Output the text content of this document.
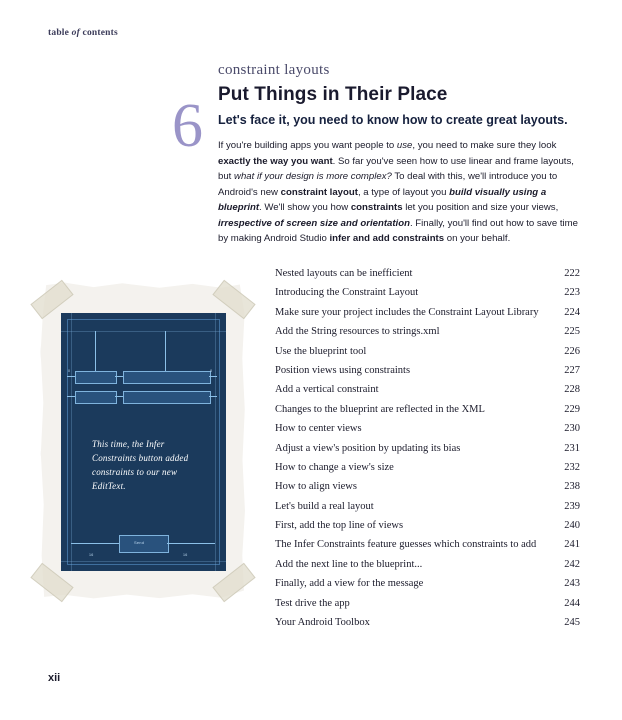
table of contents
6
constraint layouts
Put Things in Their Place
Let's face it, you need to know how to create great layouts.
If you're building apps you want people to use, you need to make sure they look exactly the way you want. So far you've seen how to use linear and frame layouts, but what if your design is more complex? To deal with this, we'll introduce you to Android's new constraint layout, a type of layout you build visually using a blueprint. We'll show you how constraints let you position and size your views, irrespective of screen size and orientation. Finally, you'll find out how to save time by making Android Studio infer and add constraints on your behalf.
Nested layouts can be inefficient	222
Introducing the Constraint Layout	223
Make sure your project includes the Constraint Layout Library	224
Add the String resources to strings.xml	225
Use the blueprint tool	226
Position views using constraints	227
Add a vertical constraint	228
Changes to the blueprint are reflected in the XML	229
How to center views	230
Adjust a view's position by updating its bias	231
How to change a view's size	232
How to align views	238
Let's build a real layout	239
First, add the top line of views	240
The Infer Constraints feature guesses which constraints to add	241
Add the next line to the blueprint...	242
Finally, add a view for the message	243
Test drive the app	244
Your Android Toolbox	245
0	8
Send
16	16
This time, the Infer Constraints button added constraints to our new EditText.
xii
